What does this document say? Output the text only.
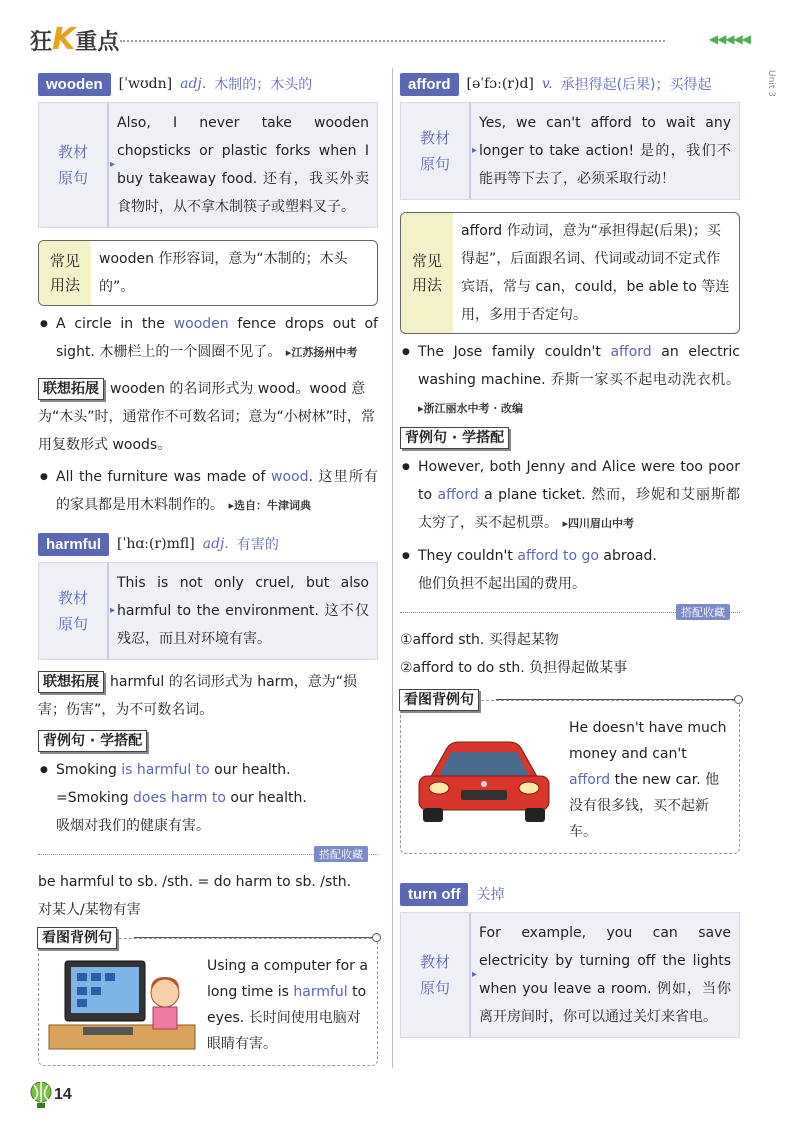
狂K重点	◀◀◀◀◀
Unit 3
wooden	[ˈwʊdn] adj. 木制的；木头的
教材
原句
▸
Also, I never take wooden chopsticks or plastic forks when I buy takeaway food. 还有，我买外卖食物时，从不拿木制筷子或塑料叉子。
常见
用法
wooden 作形容词，意为“木制的；木头的”。
● A circle in the wooden fence drops out of sight. 木栅栏上的一个圆圈不见了。 ▸江苏扬州中考
联想拓展 wooden 的名词形式为 wood。wood 意为“木头”时，通常作不可数名词；意为“小树林”时，常用复数形式 woods。
● All the furniture was made of wood. 这里所有的家具都是用木料制作的。 ▸选自：牛津词典
harmful	[ˈhɑː(r)mfl] adj. 有害的
教材
原句
▸
This is not only cruel, but also harmful to the environment. 这不仅残忍，而且对环境有害。
联想拓展 harmful 的名词形式为 harm，意为“损害；伤害”，为不可数名词。
背例句 · 学搭配
● Smoking is harmful to our health.
=Smoking does harm to our health.
吸烟对我们的健康有害。
搭配收藏
be harmful to sb. /sth. = do harm to sb. /sth.
对某人/某物有害
看图背例句
Using a computer for a long time is harmful to eyes. 长时间使用电脑对眼睛有害。
afford	[əˈfɔː(r)d] v. 承担得起(后果)；买得起
教材
原句
▸
Yes, we can't afford to wait any longer to take action! 是的，我们不能再等下去了，必须采取行动！
常见
用法
afford 作动词，意为“承担得起(后果)；买得起”，后面跟名词、代词或动词不定式作宾语，常与 can，could，be able to 等连用，多用于否定句。
● The Jose family couldn't afford an electric washing machine. 乔斯一家买不起电动洗衣机。 ▸浙江丽水中考 · 改编
背例句 · 学搭配
● However, both Jenny and Alice were too poor to afford a plane ticket. 然而，珍妮和艾丽斯都太穷了，买不起机票。 ▸四川眉山中考
● They couldn't afford to go abroad.
他们负担不起出国的费用。
搭配收藏
①afford sth. 买得起某物
②afford to do sth. 负担得起做某事
看图背例句
He doesn't have much money and can't afford the new car. 他没有很多钱，买不起新车。
turn off	关掉
教材
原句
▸
For example, you can save electricity by turning off the lights when you leave a room. 例如，当你离开房间时，你可以通过关灯来省电。
14
